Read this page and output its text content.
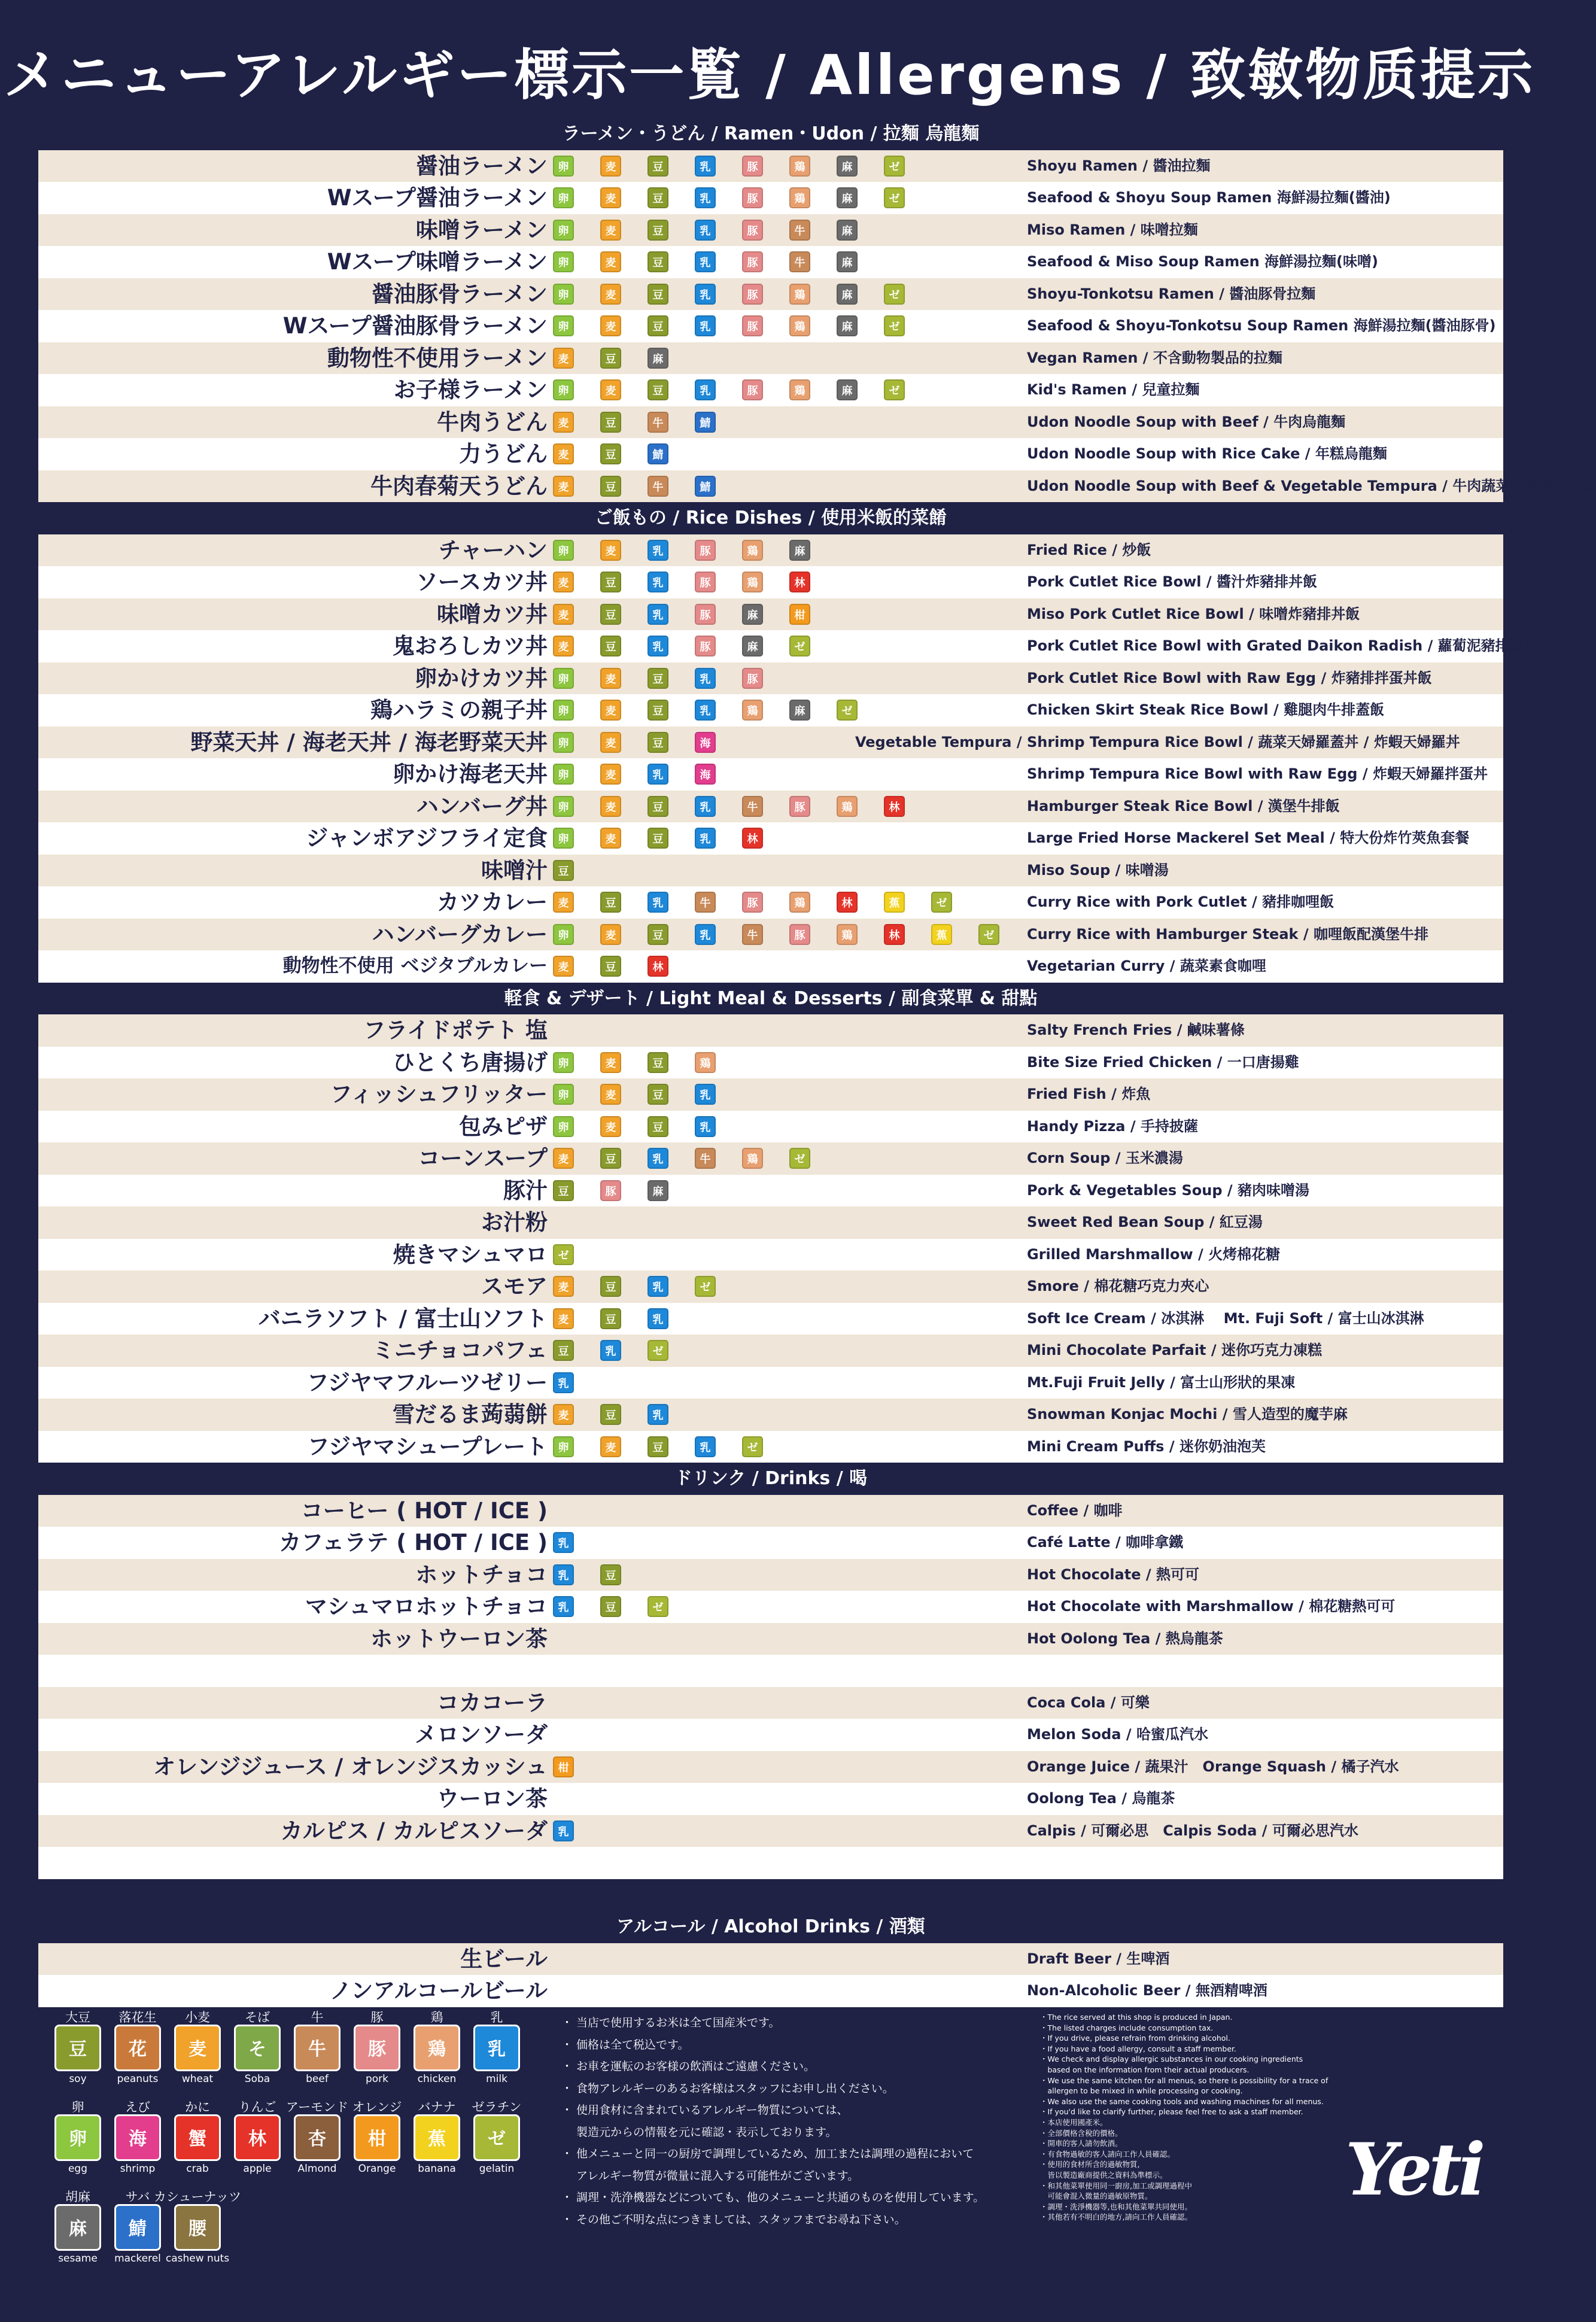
メニューアレルギー標示一覧 / Allergens / 致敏物质提示
ラーメン・うどん / Ramen・Udon / 拉麵 烏龍麵
醤油ラーメン 卵	麦	豆	乳	豚	鶏	麻	ゼ	Shoyu Ramen / 醬油拉麵
Wスープ醤油ラーメン 卵	麦	豆	乳	豚	鶏	麻	ゼ	Seafood & Shoyu Soup Ramen 海鮮湯拉麵(醬油)
味噌ラーメン 卵	麦	豆	乳	豚	牛	麻	Miso Ramen / 味噌拉麵
Wスープ味噌ラーメン 卵	麦	豆	乳	豚	牛	麻	Seafood & Miso Soup Ramen 海鮮湯拉麵(味噌)
醤油豚骨ラーメン 卵	麦	豆	乳	豚	鶏	麻	ゼ	Shoyu-Tonkotsu Ramen / 醬油豚骨拉麵
Wスープ醤油豚骨ラーメン 卵	麦	豆	乳	豚	鶏	麻	ゼ	Seafood & Shoyu-Tonkotsu Soup Ramen 海鮮湯拉麵(醬油豚骨)
動物性不使用ラーメン 麦	豆	麻	Vegan Ramen / 不含動物製品的拉麵
お子様ラーメン 卵	麦	豆	乳	豚	鶏	麻	ゼ	Kid's Ramen / 兒童拉麵
牛肉うどん 麦	豆	牛	鯖	Udon Noodle Soup with Beef / 牛肉烏龍麵
力うどん 麦	豆	鯖	Udon Noodle Soup with Rice Cake / 年糕烏龍麵
牛肉春菊天うどん 麦	豆	牛	鯖	Udon Noodle Soup with Beef & Vegetable Tempura / 牛肉蔬菜天婦羅烏龍麵
ご飯もの / Rice Dishes / 使用米飯的菜餚
チャーハン 卵	麦	乳	豚	鶏	麻	Fried Rice / 炒飯
ソースカツ丼 麦	豆	乳	豚	鶏	林	Pork Cutlet Rice Bowl / 醬汁炸豬排丼飯
味噌カツ丼 麦	豆	乳	豚	麻	柑	Miso Pork Cutlet Rice Bowl / 味噌炸豬排丼飯
鬼おろしカツ丼 麦	豆	乳	豚	麻	ゼ	Pork Cutlet Rice Bowl with Grated Daikon Radish / 蘿蔔泥豬排蓋飯
卵かけカツ丼 卵	麦	豆	乳	豚	Pork Cutlet Rice Bowl with Raw Egg / 炸豬排拌蛋丼飯
鶏ハラミの親子丼 卵	麦	豆	乳	鶏	麻	ゼ	Chicken Skirt Steak Rice Bowl / 雞腿肉牛排蓋飯
野菜天丼 / 海老天丼 / 海老野菜天丼 卵	麦	豆	海	Vegetable Tempura / Shrimp Tempura Rice Bowl / 蔬菜天婦羅蓋丼 / 炸蝦天婦羅丼
卵かけ海老天丼 卵	麦	乳	海	Shrimp Tempura Rice Bowl with Raw Egg / 炸蝦天婦羅拌蛋丼
ハンバーグ丼 卵	麦	豆	乳	牛	豚	鶏	林	Hamburger Steak Rice Bowl / 漢堡牛排飯
ジャンボアジフライ定食 卵	麦	豆	乳	林	Large Fried Horse Mackerel Set Meal / 特大份炸竹莢魚套餐
味噌汁 豆	Miso Soup / 味噌湯
カツカレー 麦	豆	乳	牛	豚	鶏	林	蕉	ゼ	Curry Rice with Pork Cutlet / 豬排咖哩飯
ハンバーグカレー 卵	麦	豆	乳	牛	豚	鶏	林	蕉	ゼ	Curry Rice with Hamburger Steak / 咖哩飯配漢堡牛排
動物性不使用 ベジタブルカレー 麦	豆	林	Vegetarian Curry / 蔬菜素食咖哩
軽食 & デザート / Light Meal & Desserts / 副食菜單 & 甜點
フライドポテト 塩	Salty French Fries / 鹹味薯條
ひとくち唐揚げ 卵	麦	豆	鶏	Bite Size Fried Chicken / 一口唐揚雞
フィッシュフリッター 卵	麦	豆	乳	Fried Fish / 炸魚
包みピザ 卵	麦	豆	乳	Handy Pizza / 手持披薩
コーンスープ 麦	豆	乳	牛	鶏	ゼ	Corn Soup / 玉米濃湯
豚汁 豆	豚	麻	Pork & Vegetables Soup / 豬肉味噌湯
お汁粉	Sweet Red Bean Soup / 紅豆湯
焼きマシュマロ ゼ	Grilled Marshmallow / 火烤棉花糖
スモア 麦	豆	乳	ゼ	Smore / 棉花糖巧克力夾心
バニラソフト / 富士山ソフト 麦	豆	乳	Soft Ice Cream / 冰淇淋　 Mt. Fuji Soft / 富士山冰淇淋
ミニチョコパフェ 豆	乳	ゼ	Mini Chocolate Parfait / 迷你巧克力凍糕
フジヤマフルーツゼリー 乳	Mt.Fuji Fruit Jelly / 富士山形狀的果凍
雪だるま蒟蒻餅 麦	豆	乳	Snowman Konjac Mochi / 雪人造型的魔芋麻
フジヤマシュープレート 卵	麦	豆	乳	ゼ	Mini Cream Puffs / 迷你奶油泡芙
ドリンク / Drinks / 喝
コーヒー ( HOT / ICE )	Coffee / 咖啡
カフェラテ ( HOT / ICE ) 乳	Café Latte / 咖啡拿鐵
ホットチョコ 乳	豆	Hot Chocolate / 熱可可
マシュマロホットチョコ 乳	豆	ゼ	Hot Chocolate with Marshmallow / 棉花糖熱可可
ホットウーロン茶	Hot Oolong Tea / 熱烏龍茶
コカコーラ	Coca Cola / 可樂
メロンソーダ	Melon Soda / 哈蜜瓜汽水
オレンジジュース / オレンジスカッシュ 柑	Orange Juice / 蔬果汁　Orange Squash / 橘子汽水
ウーロン茶	Oolong Tea / 烏龍茶
カルピス / カルピスソーダ 乳	Calpis / 可爾必思　Calpis Soda / 可爾必思汽水
アルコール / Alcohol Drinks / 酒類
生ビール	Draft Beer / 生啤酒
ノンアルコールビール	Non-Alcoholic Beer / 無酒精啤酒
大豆
豆
soy
落花生
花
peanuts
小麦
麦
wheat
そば
そ
Soba
牛
牛
beef
豚
豚
pork
鶏
鶏
chicken
乳
乳
milk
卵
卵
egg
えび
海
shrimp
かに
蟹
crab
りんご
林
apple
アーモンド
杏
Almond
オレンジ
柑
Orange
バナナ
蕉
banana
ゼラチン
ゼ
gelatin
胡麻
麻
sesame
サバ
鯖
mackerel
カシューナッツ
腰
cashew nuts
・ 当店で使用するお米は全て国産米です。
・ 価格は全て税込です。
・ お車を運転のお客様の飲酒はご遠慮ください。
・ 食物アレルギーのあるお客様はスタッフにお申し出ください。
・ 使用食材に含まれているアレルギー物質については、
　 製造元からの情報を元に確認・表示しております。
・ 他メニューと同一の厨房で調理しているため、加工または調理の過程において
　 アレルギー物質が微量に混入する可能性がございます。
・ 調理・洗浄機器などについても、他のメニューと共通のものを使用しています。
・ その他ご不明な点につきましては、スタッフまでお尋ね下さい。
・The rice served at this shop is produced in Japan.
・The listed charges include consumption tax.
・If you drive, please refrain from drinking alcohol.
・If you have a food allergy, consult a staff member.
・We check and display allergic substances in our cooking ingredients
　based on the information from their actual producers.
・We use the same kitchen for all menus, so there is possibility for a trace of
　allergen to be mixed in while processing or cooking.
・We also use the same cooking tools and washing machines for all menus.
・If you'd like to clarify further, please feel free to ask a staff member.
・本店使用國產米。
・全部價格含稅的價格。
・開車的客人請勿飲酒。
・有食物過敏的客人請向工作人員確認。
・使用的食材所含的過敏物質,
　皆以製造廠商提供之資料為準標示。
・和其他菜單使用同一廚房,加工或調理過程中
　可能會混入微量的過敏原物質。
・調理・洗淨機器等,也和其他菜單共同使用。
・其他若有不明白的地方,請向工作人員確認。
Yeti
